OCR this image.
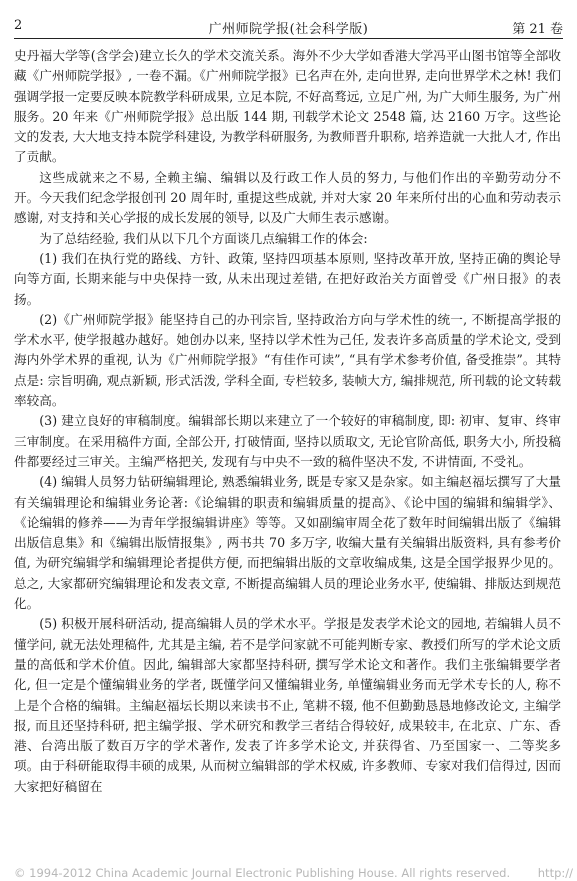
2	广州师院学报(社会科学版)	第 21 卷

史丹福大学等(含学会)建立长久的学术交流关系。海外不少大学如香港大学冯平山图书馆等全部收藏《广州师院学报》, 一卷不漏。《广州师院学报》已名声在外, 走向世界, 走向世界学术之林! 我们强调学报一定要反映本院教学科研成果, 立足本院, 不好高骛远, 立足广州, 为广大师生服务, 为广州服务。20 年来《广州师院学报》总出版 144 期, 刊载学术论文 2548 篇, 达 2160 万字。这些论文的发表, 大大地支持本院学科建设, 为教学科研服务, 为教师晋升职称, 培养造就一大批人才, 作出了贡献。

这些成就来之不易, 全赖主编、编辑以及行政工作人员的努力, 与他们作出的辛勤劳动分不开。今天我们纪念学报创刊 20 周年时, 重提这些成就, 并对大家 20 年来所付出的心血和劳动表示感谢, 对支持和关心学报的成长发展的领导, 以及广大师生表示感谢。

为了总结经验, 我们从以下几个方面谈几点编辑工作的体会:

(1) 我们在执行党的路线、方针、政策, 坚持四项基本原则, 坚持改革开放, 坚持正确的舆论导向等方面, 长期来能与中央保持一致, 从未出现过差错, 在把好政治关方面曾受《广州日报》的表扬。

(2)《广州师院学报》能坚持自己的办刊宗旨, 坚持政治方向与学术性的统一, 不断提高学报的学术水平, 使学报越办越好。她创办以来, 坚持以学术性为己任, 发表许多高质量的学术论文, 受到海内外学术界的重视, 认为《广州师院学报》“有佳作可读”, “具有学术参考价值, 备受推崇”。其特点是: 宗旨明确, 观点新颖, 形式活泼, 学科全面, 专栏较多, 装帧大方, 编排规范, 所刊载的论文转载率较高。

(3) 建立良好的审稿制度。编辑部长期以来建立了一个较好的审稿制度, 即: 初审、复审、终审三审制度。在采用稿件方面, 全部公开, 打破情面, 坚持以质取文, 无论官阶高低, 职务大小, 所投稿件都要经过三审关。主编严格把关, 发现有与中央不一致的稿件坚决不发, 不讲情面, 不受礼。

(4) 编辑人员努力钻研编辑理论, 熟悉编辑业务, 既是专家又是杂家。如主编赵福坛撰写了大量有关编辑理论和编辑业务论著:《论编辑的职责和编辑质量的提高》、《论中国的编辑和编辑学》、《论编辑的修养——为青年学报编辑讲座》等等。又如副编审周全花了数年时间编辑出版了《编辑出版信息集》和《编辑出版情报集》, 两书共 70 多万字, 收编大量有关编辑出版资料, 具有参考价值, 为研究编辑学和编辑理论者提供方便, 而把编辑出版的文章收编成集, 这是全国学报界少见的。总之, 大家都研究编辑理论和发表文章, 不断提高编辑人员的理论业务水平, 使编辑、排版达到规范化。

(5) 积极开展科研活动, 提高编辑人员的学术水平。学报是发表学术论文的园地, 若编辑人员不懂学问, 就无法处理稿件, 尤其是主编, 若不是学问家就不可能判断专家、教授们所写的学术论文质量的高低和学术价值。因此, 编辑部大家都坚持科研, 撰写学术论文和著作。我们主张编辑要学者化, 但一定是个懂编辑业务的学者, 既懂学问又懂编辑业务, 单懂编辑业务而无学术专长的人, 称不上是个合格的编辑。主编赵福坛长期以来读书不止, 笔耕不辍, 他不但勤勤恳恳地修改论文, 主编学报, 而且还坚持科研, 把主编学报、学术研究和教学三者结合得较好, 成果较丰, 在北京、广东、香港、台湾出版了数百万字的学术著作, 发表了许多学术论文, 并获得省、乃至国家一、二等奖多项。由于科研能取得丰硕的成果, 从而树立编辑部的学术权威, 许多教师、专家对我们信得过, 因而大家把好稿留在

© 1994-2012 China Academic Journal Electronic Publishing House. All rights reserved. http://
